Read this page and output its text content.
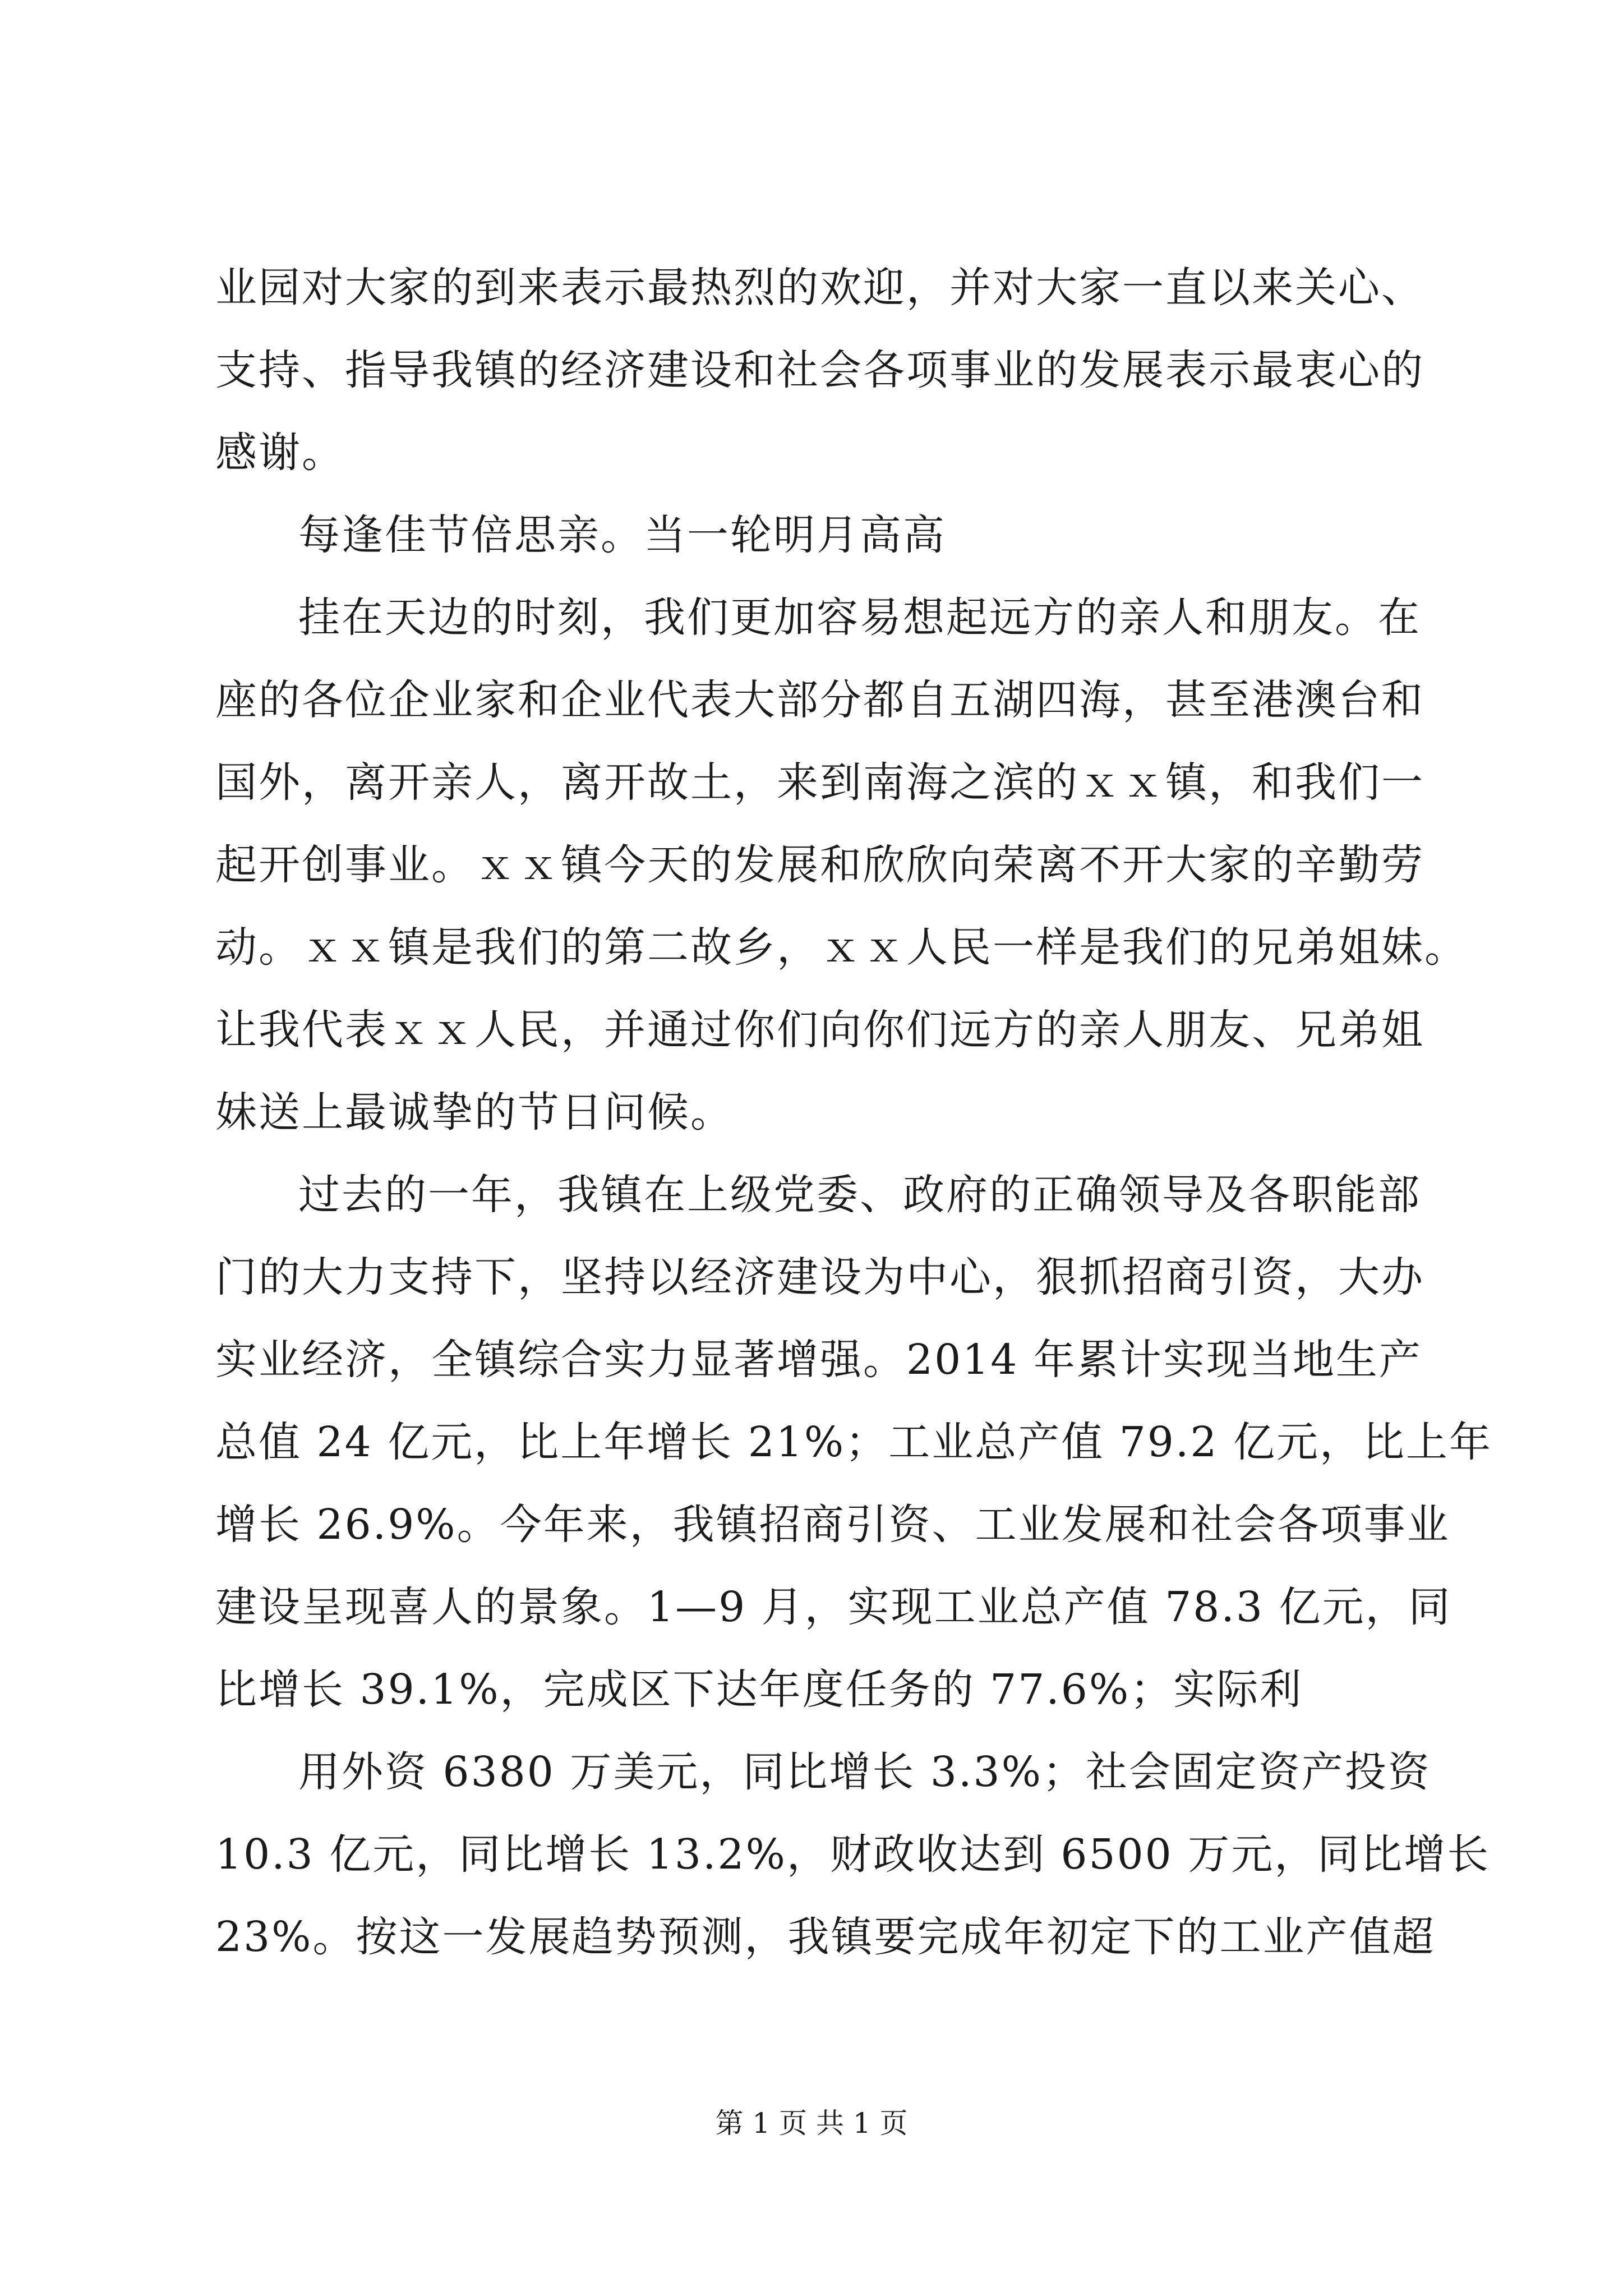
业园对大家的到来表示最热烈的欢迎，并对大家一直以来关心、
支持、指导我镇的经济建设和社会各项事业的发展表示最衷心的
感谢。
每逢佳节倍思亲。当一轮明月高高
挂在天边的时刻，我们更加容易想起远方的亲人和朋友。在
座的各位企业家和企业代表大部分都自五湖四海，甚至港澳台和
国外，离开亲人，离开故土，来到南海之滨的ｘｘ镇，和我们一
起开创事业。ｘｘ镇今天的发展和欣欣向荣离不开大家的辛勤劳
动。ｘｘ镇是我们的第二故乡，ｘｘ人民一样是我们的兄弟姐妹。
让我代表ｘｘ人民，并通过你们向你们远方的亲人朋友、兄弟姐
妹送上最诚挚的节日问候。
过去的一年，我镇在上级党委、政府的正确领导及各职能部
门的大力支持下，坚持以经济建设为中心，狠抓招商引资，大办
实业经济，全镇综合实力显著增强。2014 年累计实现当地生产
总值 24 亿元，比上年增长 21%；工业总产值 79.2 亿元，比上年
增长 26.9%。今年来，我镇招商引资、工业发展和社会各项事业
建设呈现喜人的景象。1—9 月，实现工业总产值 78.3 亿元，同
比增长 39.1%，完成区下达年度任务的 77.6%；实际利
用外资 6380 万美元，同比增长 3.3%；社会固定资产投资
10.3 亿元，同比增长 13.2%，财政收达到 6500 万元，同比增长
23%。按这一发展趋势预测，我镇要完成年初定下的工业产值超
第 1 页 共 1 页
